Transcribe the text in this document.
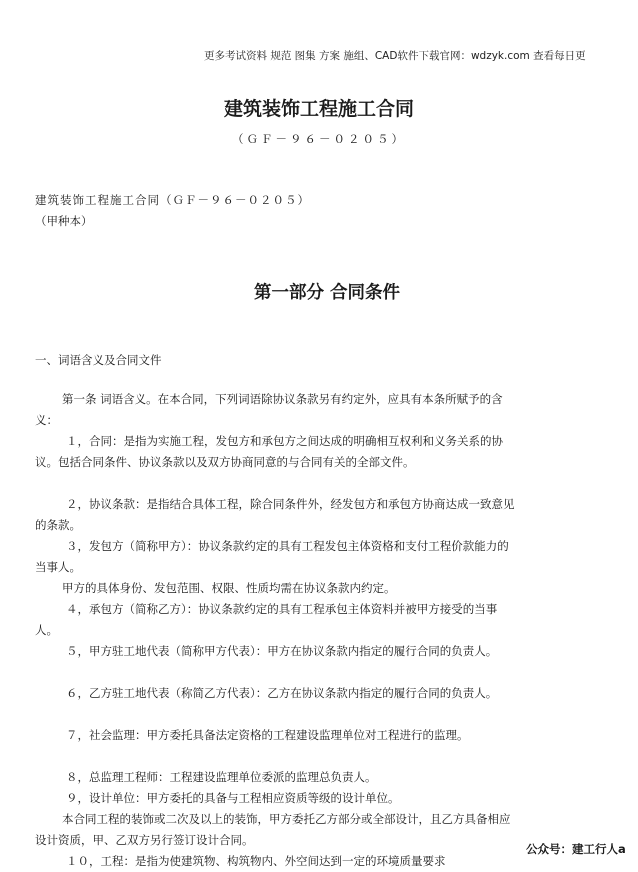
更多考试资料 规范 图集 方案 施组、CAD软件下载官网：wdzyk.com 查看每日更
建筑装饰工程施工合同
（ＧＦ－９６－０２０５）
建筑装饰工程施工合同（ＧＦ－９６－０２０５）
（甲种本）
第一部分 合同条件
一、词语含义及合同文件

第一条 词语含义。在本合同，下列词语除协议条款另有约定外，应具有本条所赋予的含义：

１，合同：是指为实施工程，发包方和承包方之间达成的明确相互权利和义务关系的协议。包括合同条件、协议条款以及双方协商同意的与合同有关的全部文件。

２，协议条款：是指结合具体工程，除合同条件外，经发包方和承包方协商达成一致意见的条款。

３，发包方（简称甲方）：协议条款约定的具有工程发包主体资格和支付工程价款能力的当事人。

甲方的具体身份、发包范围、权限、性质均需在协议条款内约定。

４，承包方（简称乙方）：协议条款约定的具有工程承包主体资料并被甲方接受的当事人。

５，甲方驻工地代表（简称甲方代表）：甲方在协议条款内指定的履行合同的负责人。

６，乙方驻工地代表（称简乙方代表）：乙方在协议条款内指定的履行合同的负责人。

７，社会监理：甲方委托具备法定资格的工程建设监理单位对工程进行的监理。

８，总监理工程师：工程建设监理单位委派的监理总负责人。

９，设计单位：甲方委托的具备与工程相应资质等级的设计单位。

本合同工程的装饰或二次及以上的装饰，甲方委托乙方部分或全部设计，且乙方具备相应设计资质，甲、乙双方另行签订设计合同。

１０，工程：是指为使建筑物、构筑物内、外空间达到一定的环境质量要求

公众号：建工行人a
